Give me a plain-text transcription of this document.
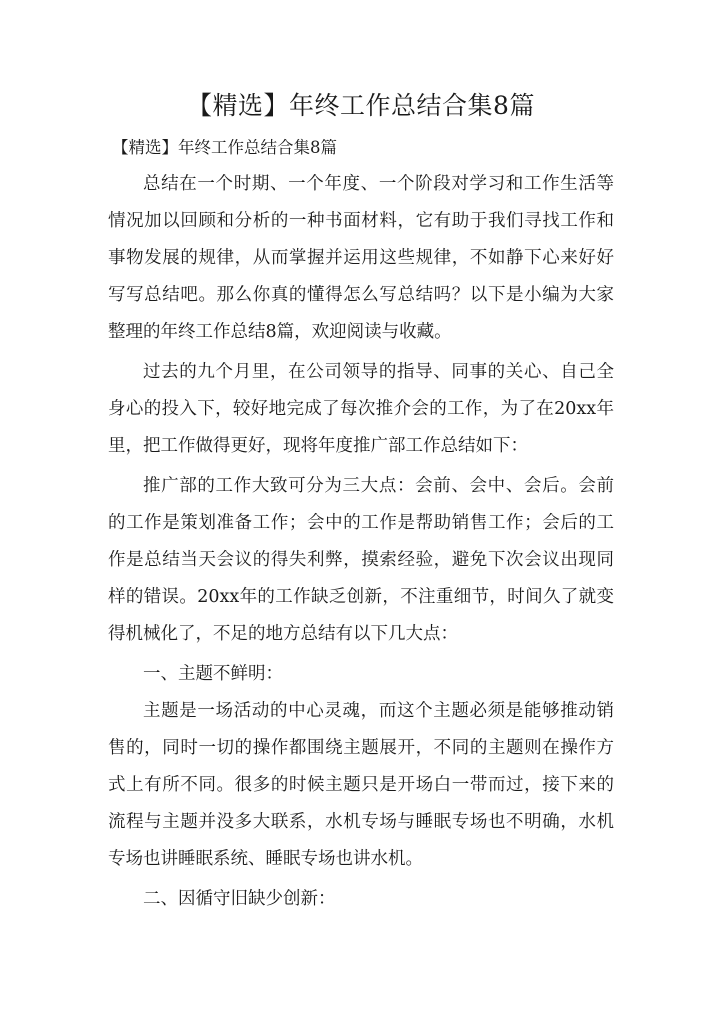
【精选】年终工作总结合集8篇
【精选】年终工作总结合集8篇

总结在一个时期、一个年度、一个阶段对学习和工作生活等情况加以回顾和分析的一种书面材料，它有助于我们寻找工作和事物发展的规律，从而掌握并运用这些规律，不如静下心来好好写写总结吧。那么你真的懂得怎么写总结吗？以下是小编为大家整理的年终工作总结8篇，欢迎阅读与收藏。

过去的九个月里，在公司领导的指导、同事的关心、自己全身心的投入下，较好地完成了每次推介会的工作，为了在20xx年里，把工作做得更好，现将年度推广部工作总结如下：

推广部的工作大致可分为三大点：会前、会中、会后。会前的工作是策划准备工作；会中的工作是帮助销售工作；会后的工作是总结当天会议的得失利弊，摸索经验，避免下次会议出现同样的错误。20xx年的工作缺乏创新，不注重细节，时间久了就变得机械化了，不足的地方总结有以下几大点：

一、主题不鲜明：

主题是一场活动的中心灵魂，而这个主题必须是能够推动销售的，同时一切的操作都围绕主题展开，不同的主题则在操作方式上有所不同。很多的时候主题只是开场白一带而过，接下来的流程与主题并没多大联系，水机专场与睡眠专场也不明确，水机专场也讲睡眠系统、睡眠专场也讲水机。

二、因循守旧缺少创新：
